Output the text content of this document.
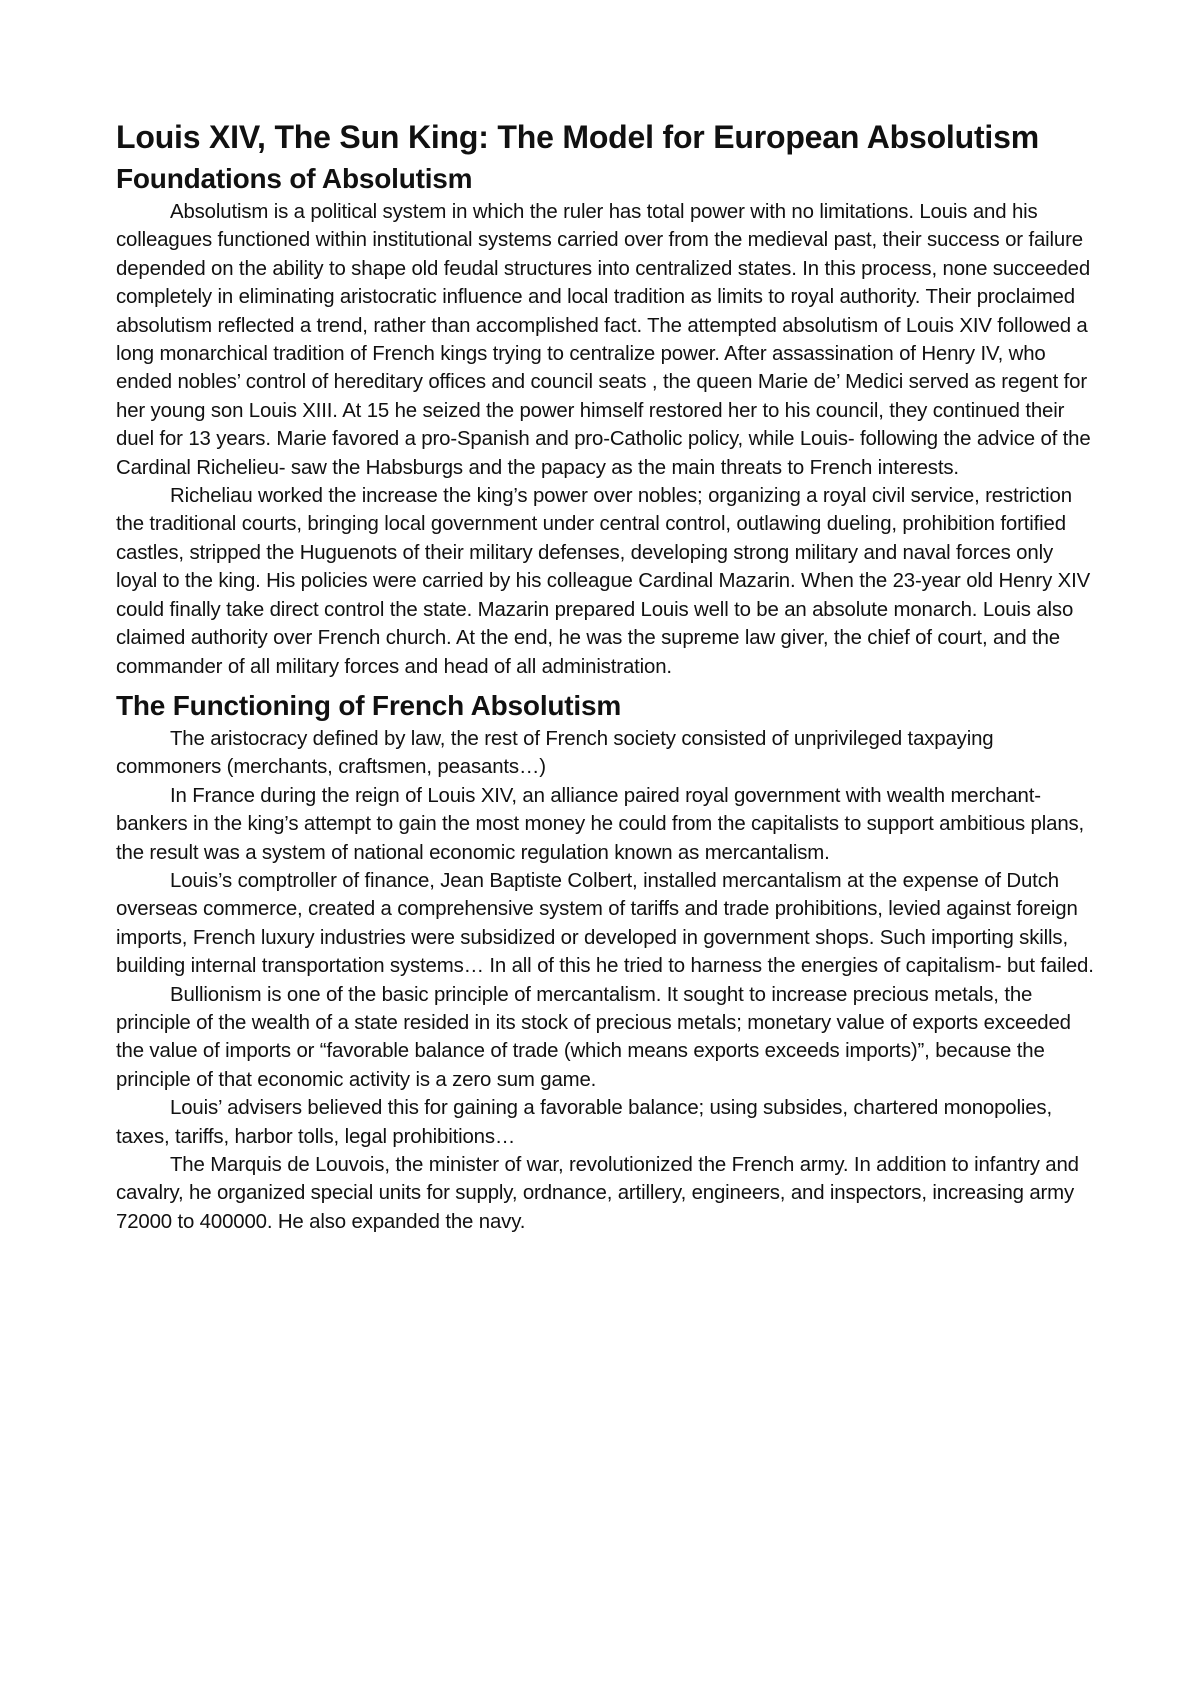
Louis XIV, The Sun King: The Model for European Absolutism
Foundations of Absolutism

Absolutism is a political system in which the ruler has total power with no limitations. Louis and his colleagues functioned within institutional systems carried over from the medieval past, their success or failure depended on the ability to shape old feudal structures into centralized states. In this process, none succeeded completely in eliminating aristocratic influence and local tradition as limits to royal authority. Their proclaimed absolutism reflected a trend, rather than accomplished fact. The attempted absolutism of Louis XIV followed a long monarchical tradition of French kings trying to centralize power. After assassination of Henry IV, who ended nobles’ control of hereditary offices and council seats , the queen Marie de’ Medici served as regent for her young son Louis XIII. At 15 he seized the power himself restored her to his council, they continued their duel for 13 years. Marie favored a pro-Spanish and pro-Catholic policy, while Louis- following the advice of the Cardinal Richelieu- saw the Habsburgs and the papacy as the main threats to French interests.

Richeliau worked the increase the king’s power over nobles; organizing a royal civil service, restriction the traditional courts, bringing local government under central control, outlawing dueling, prohibition fortified castles, stripped the Huguenots of their military defenses, developing strong military and naval forces only loyal to the king. His policies were carried by his colleague Cardinal Mazarin. When the 23-year old Henry XIV could finally take direct control the state. Mazarin prepared Louis well to be an absolute monarch. Louis also claimed authority over French church. At the end, he was the supreme law giver, the chief of court, and the commander of all military forces and head of all administration.

The Functioning of French Absolutism

The aristocracy defined by law, the rest of French society consisted of unprivileged taxpaying commoners (merchants, craftsmen, peasants…)

In France during the reign of Louis XIV, an alliance paired royal government with wealth merchant-bankers in the king’s attempt to gain the most money he could from the capitalists to support ambitious plans, the result was a system of national economic regulation known as mercantalism.

Louis’s comptroller of finance, Jean Baptiste Colbert, installed mercantalism at the expense of Dutch overseas commerce, created a comprehensive system of tariffs and trade prohibitions, levied against foreign imports, French luxury industries were subsidized or developed in government shops. Such importing skills, building internal transportation systems… In all of this he tried to harness the energies of capitalism- but failed.

Bullionism is one of the basic principle of mercantalism. It sought to increase precious metals, the principle of the wealth of a state resided in its stock of precious metals; monetary value of exports exceeded the value of imports or “favorable balance of trade (which means exports exceeds imports)”, because the principle of that economic activity is a zero sum game.

Louis’ advisers believed this for gaining a favorable balance; using subsides, chartered monopolies, taxes, tariffs, harbor tolls, legal prohibitions…

The Marquis de Louvois, the minister of war, revolutionized the French army. In addition to infantry and cavalry, he organized special units for supply, ordnance, artillery, engineers, and inspectors, increasing army 72000 to 400000. He also expanded the navy.
